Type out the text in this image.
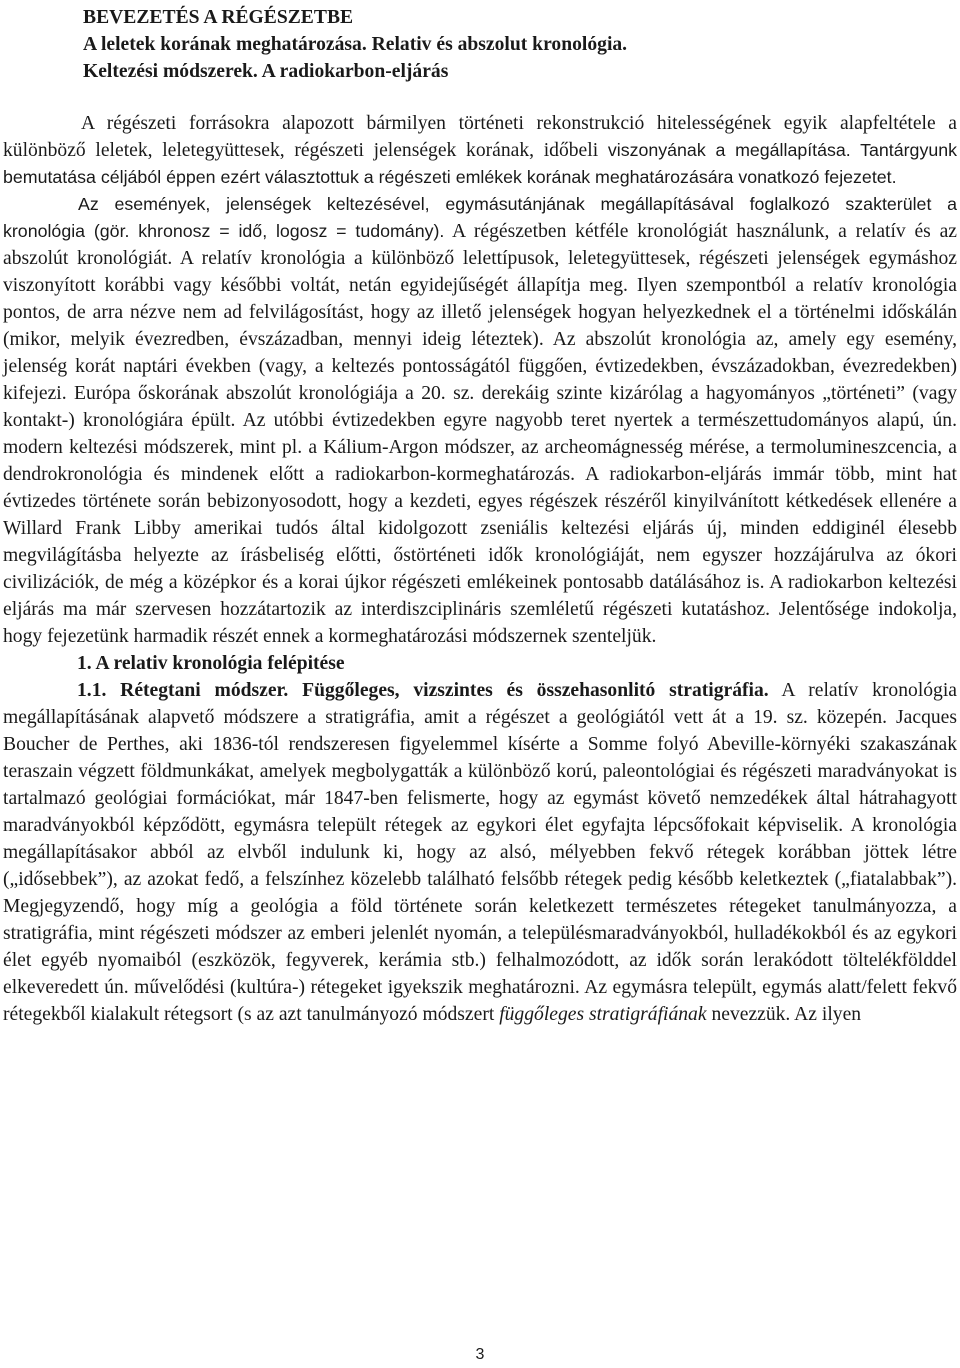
BEVEZETÉS A RÉGÉSZETBE
A leletek korának meghatározása. Relativ és abszolut kronológia.
Keltezési módszerek. A radiokarbon-eljárás
A régészeti forrásokra alapozott bármilyen történeti rekonstrukció hitelességének egyik alapfeltétele a különböző leletek, leletegyüttesek, régészeti jelenségek korának, időbeli viszonyának a megállapítása. Tantárgyunk bemutatása céljából éppen ezért választottuk a régészeti emlékek korának meghatározására vonatkozó fejezetet.
Az események, jelenségek keltezésével, egymásutánjának megállapításával foglalkozó szakterület a kronológia (gör. khronosz = idő, logosz = tudomány). A régészetben kétféle kronológiát használunk, a relatív és az abszolút kronológiát. A relatív kronológia a különböző lelettípusok, leletegyüttesek, régészeti jelenségek egymáshoz viszonyított korábbi vagy későbbi voltát, netán egyidejűségét állapítja meg. Ilyen szempontból a relatív kronológia pontos, de arra nézve nem ad felvilágosítást, hogy az illető jelenségek hogyan helyezkednek el a történelmi időskálán (mikor, melyik évezredben, évszázadban, mennyi ideig léteztek). Az abszolút kronológia az, amely egy esemény, jelenség korát naptári években (vagy, a keltezés pontosságától függően, évtizedekben, évszázadokban, évezredekben) kifejezi. Európa őskorának abszolút kronológiája a 20. sz. derekáig szinte kizárólag a hagyományos „történeti” (vagy kontakt-) kronológiára épült. Az utóbbi évtizedekben egyre nagyobb teret nyertek a természettudományos alapú, ún. modern keltezési módszerek, mint pl. a Kálium-Argon módszer, az archeomágnesség mérése, a termolumineszcencia, a dendrokronológia és mindenek előtt a radiokarbon-kormeghatározás. A radiokarbon-eljárás immár több, mint hat évtizedes története során bebizonyosodott, hogy a kezdeti, egyes régészek részéről kinyilvánított kétkedések ellenére a Willard Frank Libby amerikai tudós által kidolgozott zseniális keltezési eljárás új, minden eddiginél élesebb megvilágításba helyezte az írásbeliség előtti, őstörténeti idők kronológiáját, nem egyszer hozzájárulva az ókori civilizációk, de még a középkor és a korai újkor régészeti emlékeinek pontosabb datálásához is. A radiokarbon keltezési eljárás ma már szervesen hozzátartozik az interdiszciplináris szemléletű régészeti kutatáshoz. Jelentősége indokolja, hogy fejezetünk harmadik részét ennek a kormeghatározási módszernek szenteljük.
1. A relativ kronológia felépitése
1.1. Rétegtani módszer. Függőleges, vizszintes és összehasonlitó stratigráfia. A relatív kronológia megállapításának alapvető módszere a stratigráfia, amit a régészet a geológiától vett át a 19. sz. közepén. Jacques Boucher de Perthes, aki 1836-tól rendszeresen figyelemmel kísérte a Somme folyó Abeville-környéki szakaszának teraszain végzett földmunkákat, amelyek megbolygatták a különböző korú, paleontológiai és régészeti maradványokat is tartalmazó geológiai formációkat, már 1847-ben felismerte, hogy az egymást követő nemzedékek által hátrahagyott maradványokból képződött, egymásra települt rétegek az egykori élet egyfajta lépcsőfokait képviselik. A kronológia megállapításakor abból az elvből indulunk ki, hogy az alsó, mélyebben fekvő rétegek korábban jöttek létre („idősebbek”), az azokat fedő, a felszínhez közelebb található felsőbb rétegek pedig később keletkeztek („fiatalabbak”). Megjegyzendő, hogy míg a geológia a föld története során keletkezett természetes rétegeket tanulmányozza, a stratigráfia, mint régészeti módszer az emberi jelenlét nyomán, a településmaradványokból, hulladékokból és az egykori élet egyéb nyomaiból (eszközök, fegyverek, kerámia stb.) felhalmozódott, az idők során lerakódott töltelékfölddel elkeveredett ún. művelődési (kultúra-) rétegeket igyekszik meghatározni. Az egymásra települt, egymás alatt/felett fekvő rétegekből kialakult rétegsort (s az azt tanulmányozó módszert függőleges stratigráfiának nevezzük. Az ilyen
3
